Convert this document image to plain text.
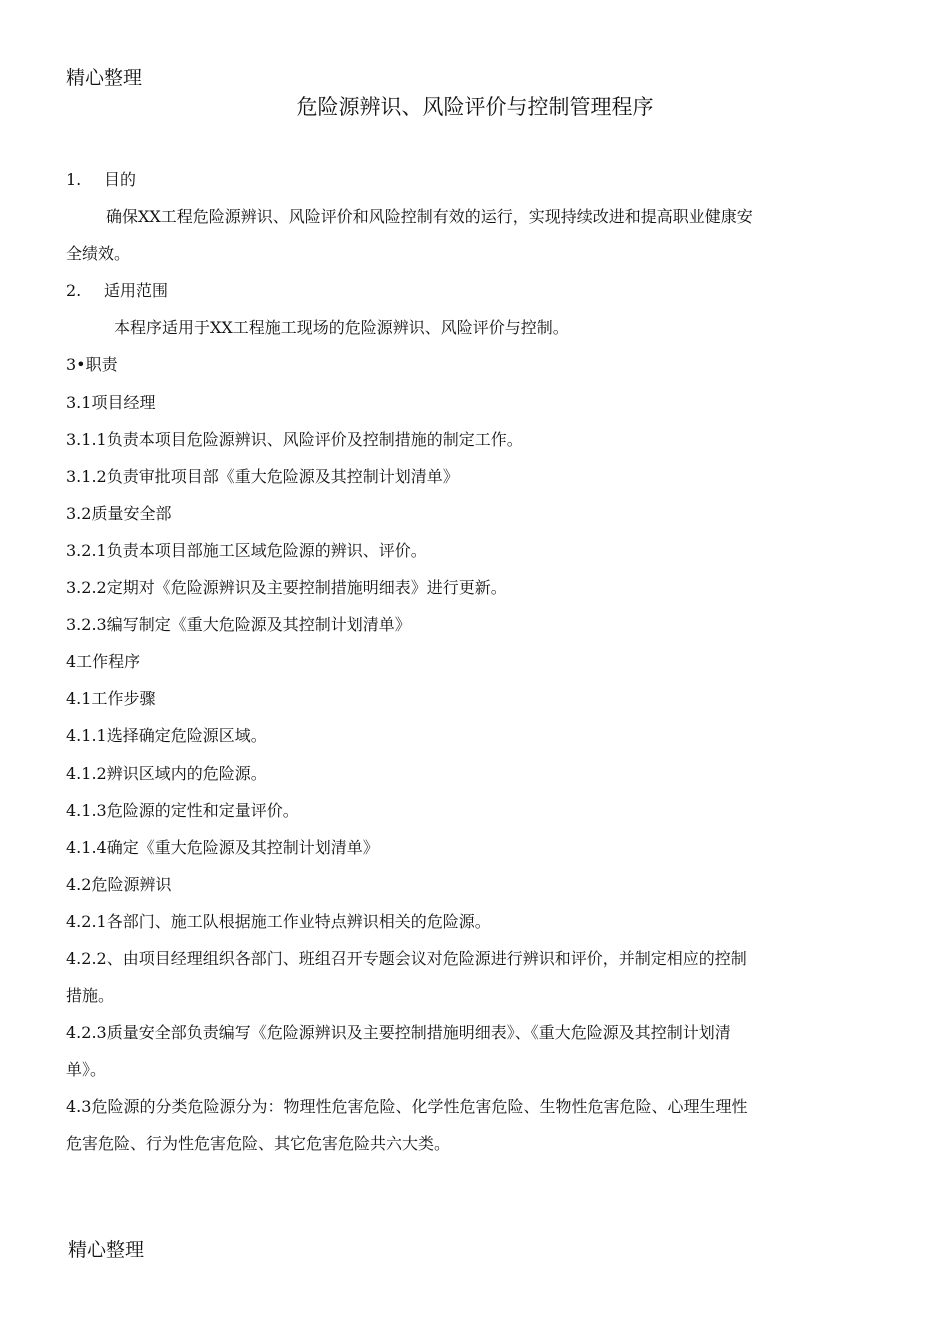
精心整理
危险源辨识、风险评价与控制管理程序
1. 目的
确保XX工程危险源辨识、风险评价和风险控制有效的运行，实现持续改进和提高职业健康安
全绩效。
2. 适用范围
本程序适用于XX工程施工现场的危险源辨识、风险评价与控制。
3•职责
3.1项目经理
3.1.1负责本项目危险源辨识、风险评价及控制措施的制定工作。
3.1.2负责审批项目部《重大危险源及其控制计划清单》
3.2质量安全部
3.2.1负责本项目部施工区域危险源的辨识、评价。
3.2.2定期对《危险源辨识及主要控制措施明细表》进行更新。
3.2.3编写制定《重大危险源及其控制计划清单》
4工作程序
4.1工作步骤
4.1.1选择确定危险源区域。
4.1.2辨识区域内的危险源。
4.1.3危险源的定性和定量评价。
4.1.4确定《重大危险源及其控制计划清单》
4.2危险源辨识
4.2.1各部门、施工队根据施工作业特点辨识相关的危险源。
4.2.2、由项目经理组织各部门、班组召开专题会议对危险源进行辨识和评价，并制定相应的控制
措施。
4.2.3质量安全部负责编写《危险源辨识及主要控制措施明细表》、《重大危险源及其控制计划清
单》。
4.3危险源的分类危险源分为：物理性危害危险、化学性危害危险、生物性危害危险、心理生理性
危害危险、行为性危害危险、其它危害危险共六大类。
精心整理
